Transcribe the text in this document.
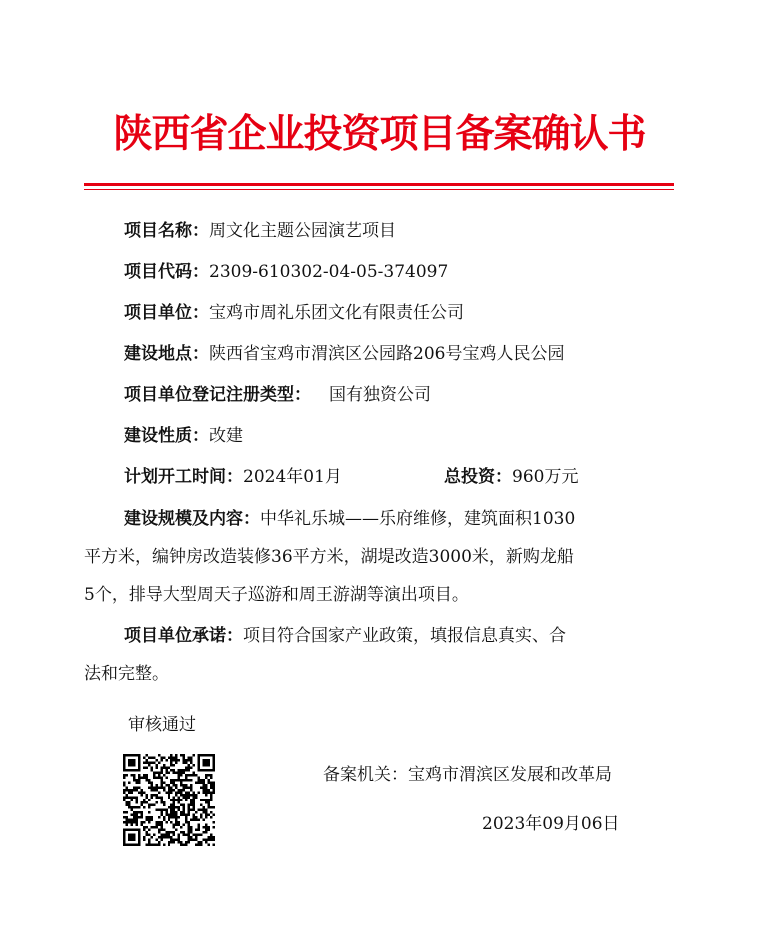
陕西省企业投资项目备案确认书
项目名称：周文化主题公园演艺项目
项目代码：2309-610302-04-05-374097
项目单位：宝鸡市周礼乐团文化有限责任公司
建设地点：陕西省宝鸡市渭滨区公园路206号宝鸡人民公园
项目单位登记注册类型： 国有独资公司
建设性质：改建
计划开工时间：2024年01月	总投资：960万元
建设规模及内容：中华礼乐城——乐府维修，建筑面积1030
平方米，编钟房改造装修36平方米，湖堤改造3000米，新购龙船
5个，排导大型周天子巡游和周王游湖等演出项目。
项目单位承诺：项目符合国家产业政策，填报信息真实、合
法和完整。
审核通过
备案机关：宝鸡市渭滨区发展和改革局
2023年09月06日
